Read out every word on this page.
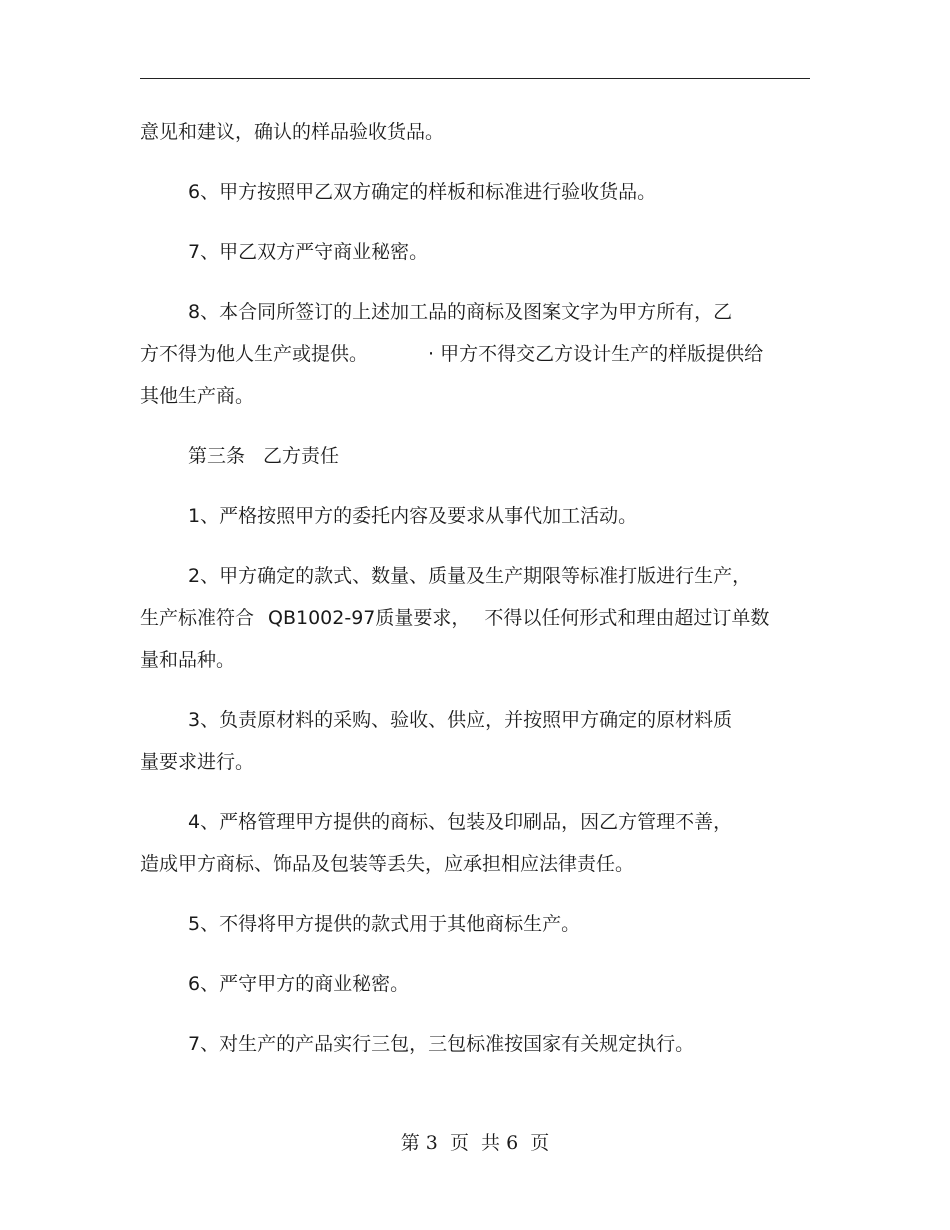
意见和建议，确认的样品验收货品。

6、甲方按照甲乙双方确定的样板和标准进行验收货品。

7、甲乙双方严守商业秘密。

8、本合同所签订的上述加工品的商标及图案文字为甲方所有，乙
方不得为他人生产或提供。	· 甲方不得交乙方设计生产的样版提供给
其他生产商。

第三条 乙方责任

1、严格按照甲方的委托内容及要求从事代加工活动。

2、甲方确定的款式、数量、质量及生产期限等标准打版进行生产，
生产标准符合 QB1002-97质量要求， 不得以任何形式和理由超过订单数
量和品种。

3、负责原材料的采购、验收、供应，并按照甲方确定的原材料质
量要求进行。

4、严格管理甲方提供的商标、包装及印刷品，因乙方管理不善，
造成甲方商标、饰品及包装等丢失，应承担相应法律责任。

5、不得将甲方提供的款式用于其他商标生产。

6、严守甲方的商业秘密。

7、对生产的产品实行三包，三包标准按国家有关规定执行。

第 3  页  共 6  页
